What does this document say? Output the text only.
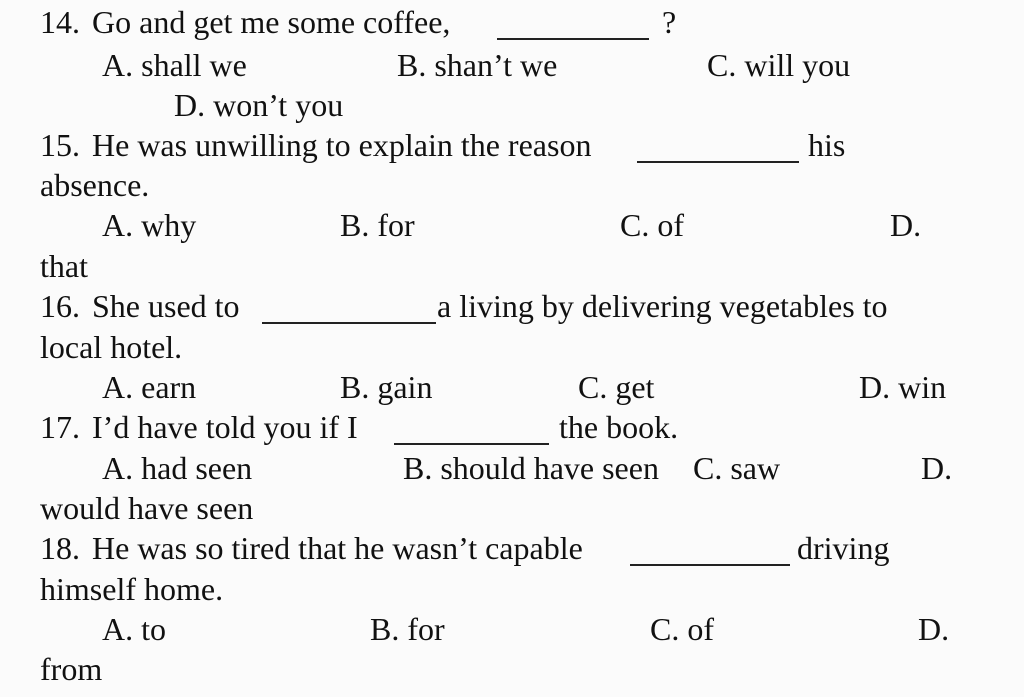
14. Go and get me some coffee,	?
A. shall we	B. shan’t we	C. will you
D. won’t you
15. He was unwilling to explain the reason	his
absence.
A. why	B. for	C. of	D.
that
16. She used to	a living by delivering vegetables to
local hotel.
A. earn	B. gain	C. get	D. win
17. I’d have told you if I	the book.
A. had seen	B. should have seen C. saw	D.
would have seen
18. He was so tired that he wasn’t capable	driving
himself home.
A. to	B. for	C. of	D.
from
